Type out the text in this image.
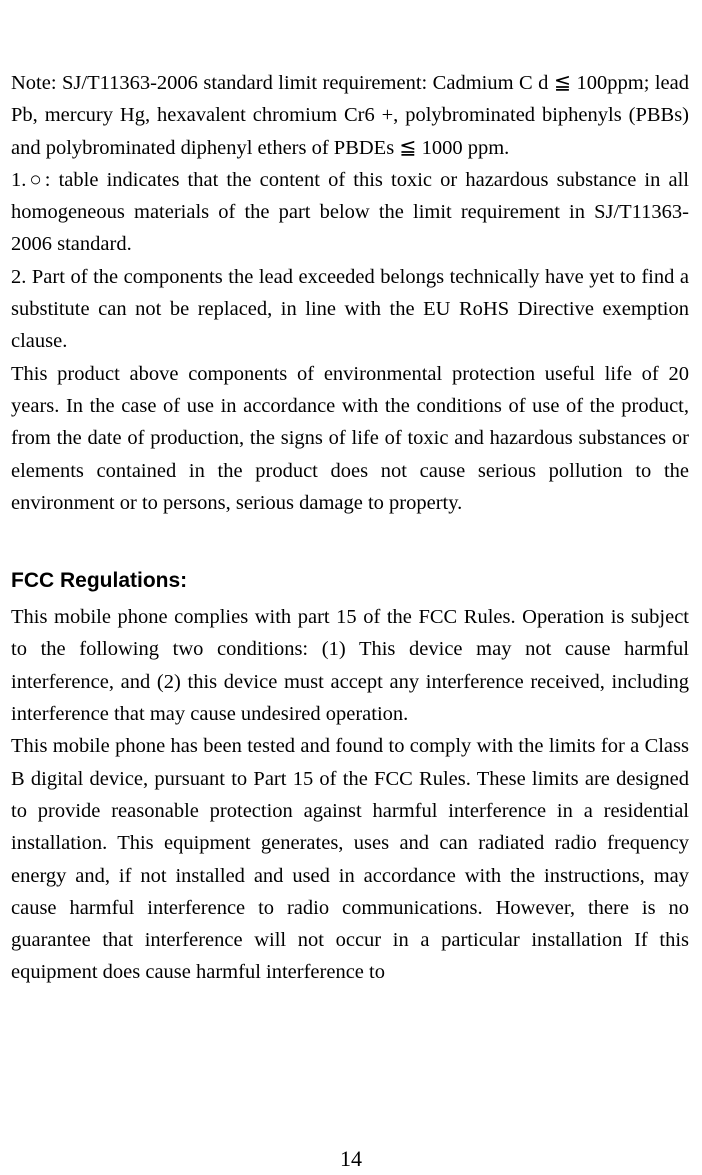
Note: SJ/T11363-2006 standard limit requirement: Cadmium C d ≦ 100ppm; lead Pb, mercury Hg, hexavalent chromium Cr6 +, polybrominated biphenyls (PBBs) and polybrominated diphenyl ethers of PBDEs ≦ 1000 ppm.

1.○: table indicates that the content of this toxic or hazardous substance in all homogeneous materials of the part below the limit requirement in SJ/T11363-2006 standard.

2. Part of the components the lead exceeded belongs technically have yet to find a substitute can not be replaced, in line with the EU RoHS Directive exemption clause.

This product above components of environmental protection useful life of 20 years. In the case of use in accordance with the conditions of use of the product, from the date of production, the signs of life of toxic and hazardous substances or elements contained in the product does not cause serious pollution to the environment or to persons, serious damage to property.

FCC Regulations:

This mobile phone complies with part 15 of the FCC Rules. Operation is subject to the following two conditions: (1) This device may not cause harmful interference, and (2) this device must accept any interference received, including interference that may cause undesired operation.

This mobile phone has been tested and found to comply with the limits for a Class B digital device, pursuant to Part 15 of the FCC Rules. These limits are designed to provide reasonable protection against harmful interference in a residential installation. This equipment generates, uses and can radiated radio frequency energy and, if not installed and used in accordance with the instructions, may cause harmful interference to radio communications. However, there is no guarantee that interference will not occur in a particular installation If this equipment does cause harmful interference to

14
